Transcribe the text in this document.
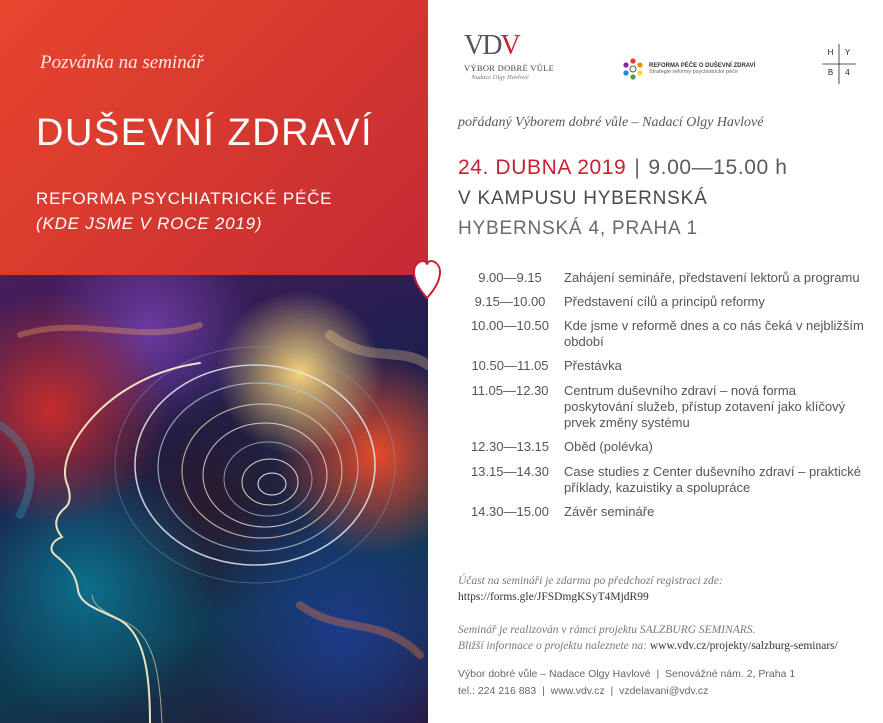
Pozvánka na seminář
DUŠEVNÍ ZDRAVÍ
REFORMA PSYCHIATRICKÉ PÉČE
(KDE JSME V ROCE 2019)
VDV
VÝBOR DOBRÉ VŮLE
Nadace Olgy Havlové
REFORMA PÉČE O DUŠEVNÍ ZDRAVÍ
Strategie reformy psychiatrické péče
H	Y
B	4
pořádaný Výborem dobré vůle – Nadací Olgy Havlové
24. DUBNA 2019 | 9.00—15.00 h
V KAMPUSU HYBERNSKÁ
HYBERNSKÁ 4, PRAHA 1
9.00—9.15	Zahájení semináře, představení lektorů a programu
9.15—10.00	Představení cílů a principů reformy
10.00—10.50	Kde jsme v reformě dnes a co nás čeká v nejbližším období
10.50—11.05	Přestávka
11.05—12.30	Centrum duševního zdraví – nová forma poskytování služeb, přístup zotavení jako klíčový prvek změny systému
12.30—13.15	Oběd (polévka)
13.15—14.30	Case studies z Center duševního zdraví – praktické příklady, kazuistiky a spolupráce
14.30—15.00	Závěr semináře
Účast na semináři je zdarma po předchozí registraci zde:
https://forms.gle/JFSDmgKSyT4MjdR99
Seminář je realizován v rámci projektu SALZBURG SEMINARS.
Bližší informace o projektu naleznete na: www.vdv.cz/projekty/salzburg-seminars/
Výbor dobré vůle – Nadace Olgy Havlové  |  Senovážné nám. 2, Praha 1
tel.: 224 216 883  |  www.vdv.cz  |  vzdelavani@vdv.cz
